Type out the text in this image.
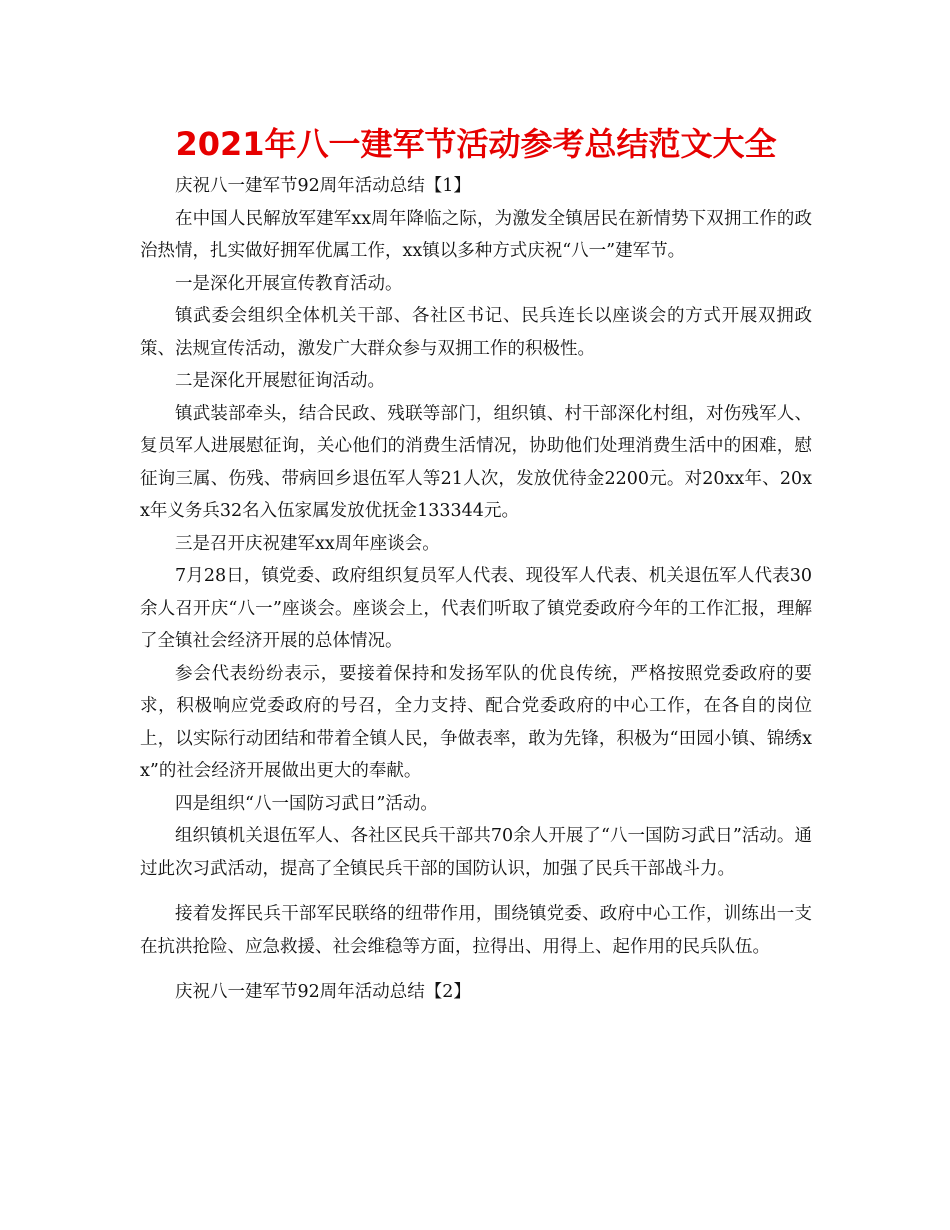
2021年八一建军节活动参考总结范文大全

庆祝八一建军节92周年活动总结【1】

在中国人民解放军建军xx周年降临之际，为激发全镇居民在新情势下双拥工作的政治热情，扎实做好拥军优属工作，xx镇以多种方式庆祝“八一”建军节。

一是深化开展宣传教育活动。

镇武委会组织全体机关干部、各社区书记、民兵连长以座谈会的方式开展双拥政策、法规宣传活动，激发广大群众参与双拥工作的积极性。

二是深化开展慰征询活动。

镇武装部牵头，结合民政、残联等部门，组织镇、村干部深化村组，对伤残军人、复员军人进展慰征询，关心他们的消费生活情况，协助他们处理消费生活中的困难，慰征询三属、伤残、带病回乡退伍军人等21人次，发放优待金2200元。对20xx年、20xx年义务兵32名入伍家属发放优抚金133344元。

三是召开庆祝建军xx周年座谈会。

7月28日，镇党委、政府组织复员军人代表、现役军人代表、机关退伍军人代表30余人召开庆“八一”座谈会。座谈会上，代表们听取了镇党委政府今年的工作汇报，理解了全镇社会经济开展的总体情况。

参会代表纷纷表示，要接着保持和发扬军队的优良传统，严格按照党委政府的要求，积极响应党委政府的号召，全力支持、配合党委政府的中心工作，在各自的岗位上，以实际行动团结和带着全镇人民，争做表率，敢为先锋，积极为“田园小镇、锦绣xx”的社会经济开展做出更大的奉献。

四是组织“八一国防习武日”活动。

组织镇机关退伍军人、各社区民兵干部共70余人开展了“八一国防习武日”活动。通过此次习武活动，提高了全镇民兵干部的国防认识，加强了民兵干部战斗力。

接着发挥民兵干部军民联络的纽带作用，围绕镇党委、政府中心工作，训练出一支在抗洪抢险、应急救援、社会维稳等方面，拉得出、用得上、起作用的民兵队伍。

庆祝八一建军节92周年活动总结【2】
